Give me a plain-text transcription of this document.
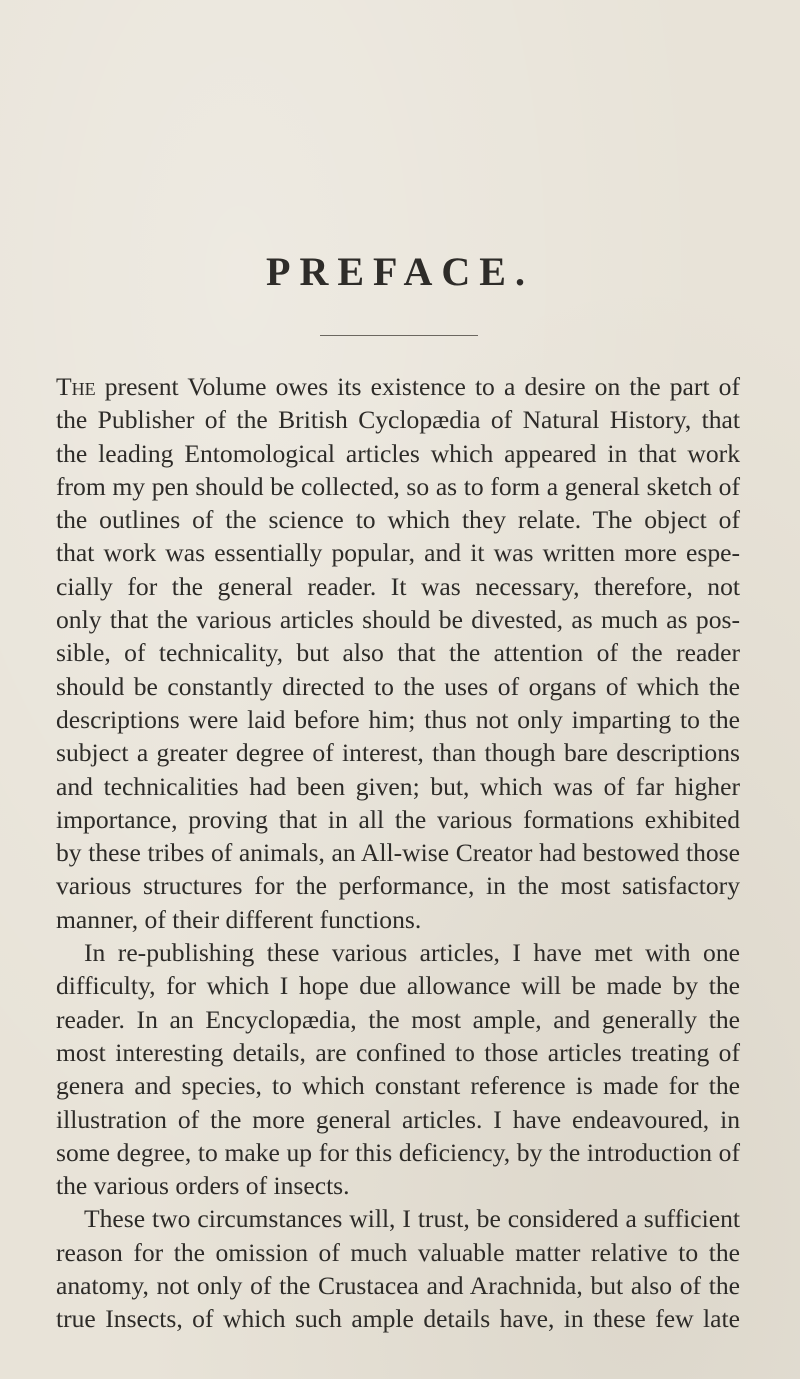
PREFACE.
The present Volume owes its existence to a desire on the part of
the Publisher of the British Cyclopædia of Natural History, that
the leading Entomological articles which appeared in that work
from my pen should be collected, so as to form a general sketch of
the outlines of the science to which they relate. The object of
that work was essentially popular, and it was written more espe-
cially for the general reader. It was necessary, therefore, not
only that the various articles should be divested, as much as pos-
sible, of technicality, but also that the attention of the reader
should be constantly directed to the uses of organs of which the
descriptions were laid before him; thus not only imparting to the
subject a greater degree of interest, than though bare descriptions
and technicalities had been given; but, which was of far higher
importance, proving that in all the various formations exhibited
by these tribes of animals, an All-wise Creator had bestowed those
various structures for the performance, in the most satisfactory
manner, of their different functions.
In re-publishing these various articles, I have met with one
difficulty, for which I hope due allowance will be made by the
reader. In an Encyclopædia, the most ample, and generally the
most interesting details, are confined to those articles treating of
genera and species, to which constant reference is made for the
illustration of the more general articles. I have endeavoured, in
some degree, to make up for this deficiency, by the introduction of
the various orders of insects.
These two circumstances will, I trust, be considered a sufficient
reason for the omission of much valuable matter relative to the
anatomy, not only of the Crustacea and Arachnida, but also of the
true Insects, of which such ample details have, in these few late
